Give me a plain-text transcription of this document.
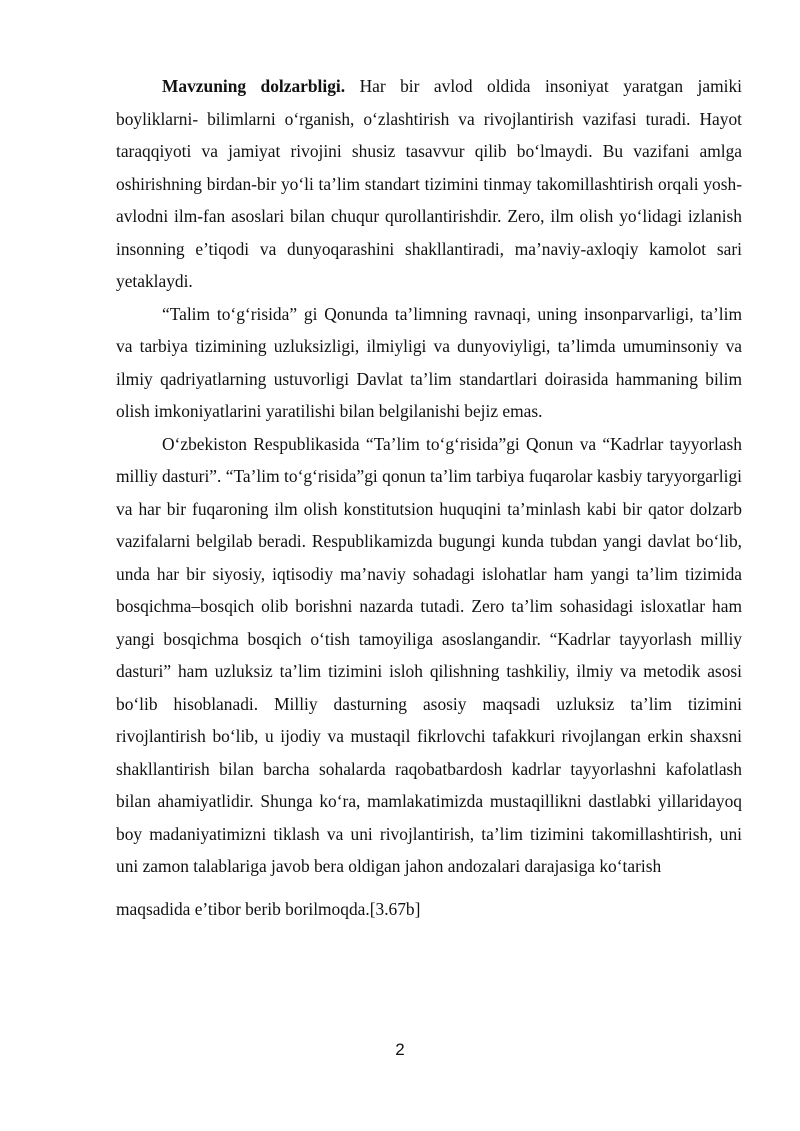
Mavzuning dolzarbligi. Har bir avlod oldida insoniyat yaratgan jamiki boyliklarni- bilimlarni o‘rganish, o‘zlashtirish va rivojlantirish vazifasi turadi. Hayot taraqqiyoti va jamiyat rivojini shusiz tasavvur qilib bo‘lmaydi. Bu vazifani amlga oshirishning birdan-bir yo‘li ta’lim standart tizimini tinmay takomillashtirish orqali yosh-avlodni ilm-fan asoslari bilan chuqur qurollantirishdir. Zero, ilm olish yo‘lidagi izlanish insonning e’tiqodi va dunyoqarashini shakllantiradi, ma’naviy-axloqiy kamolot sari yetaklaydi.

“Talim to‘g‘risida” gi Qonunda ta’limning ravnaqi, uning insonparvarligi, ta’lim va tarbiya tizimining uzluksizligi, ilmiyligi va dunyoviyligi, ta’limda umuminsoniy va ilmiy qadriyatlarning ustuvorligi Davlat ta’lim standartlari doirasida hammaning bilim olish imkoniyatlarini yaratilishi bilan belgilanishi bejiz emas.

O‘zbekiston Respublikasida “Ta’lim to‘g‘risida”gi Qonun va “Kadrlar tayyorlash milliy dasturi”. “Ta’lim to‘g‘risida”gi qonun ta’lim tarbiya fuqarolar kasbiy taryyorgarligi va har bir fuqaroning ilm olish konstitutsion huquqini ta’minlash kabi bir qator dolzarb vazifalarni belgilab beradi. Respublikamizda bugungi kunda tubdan yangi davlat bo‘lib, unda har bir siyosiy, iqtisodiy ma’naviy sohadagi islohatlar ham yangi ta’lim tizimida bosqichma–bosqich olib borishni nazarda tutadi. Zero ta’lim sohasidagi isloxatlar ham yangi bosqichma bosqich o‘tish tamoyiliga asoslangandir. “Kadrlar tayyorlash milliy dasturi” ham uzluksiz ta’lim tizimini isloh qilishning tashkiliy, ilmiy va metodik asosi bo‘lib hisoblanadi. Milliy dasturning asosiy maqsadi uzluksiz ta’lim tizimini rivojlantirish bo‘lib, u ijodiy va mustaqil fikrlovchi tafakkuri rivojlangan erkin shaxsni shakllantirish bilan barcha sohalarda raqobatbardosh kadrlar tayyorlashni kafolatlash bilan ahamiyatlidir. Shunga ko‘ra, mamlakatimizda mustaqillikni dastlabki yillaridayoq boy madaniyatimizni tiklash va uni rivojlantirish, ta’lim tizimini takomillashtirish, uni uni zamon talablariga javob bera oldigan jahon andozalari darajasiga ko‘tarish

maqsadida e’tibor berib borilmoqda.[3.67b]

2
